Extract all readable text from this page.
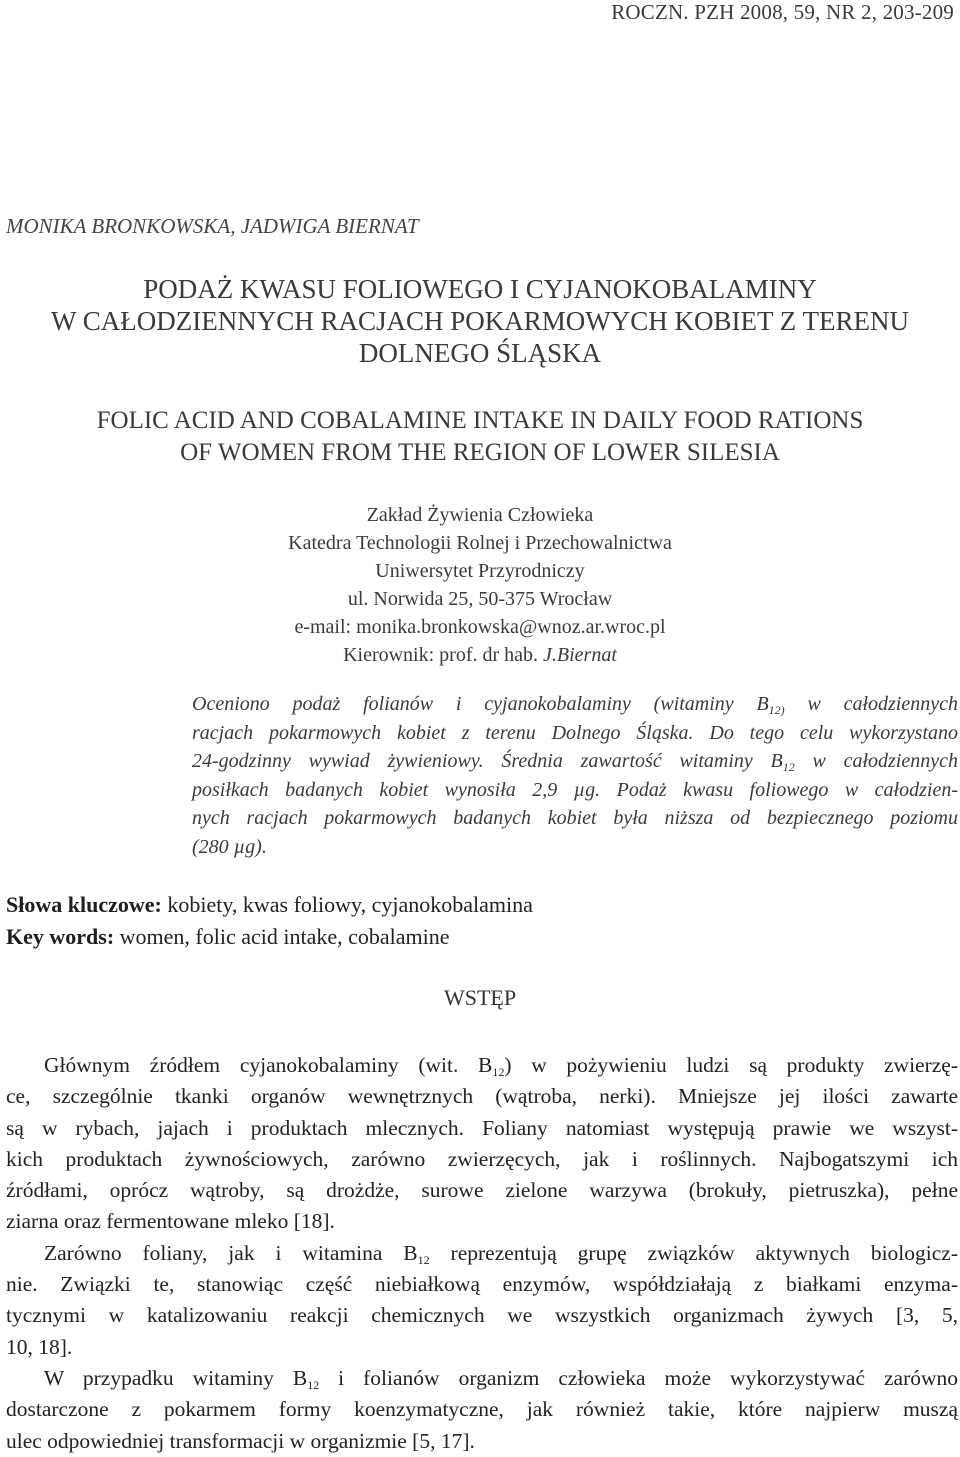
ROCZN. PZH 2008, 59, NR 2, 203-209
MONIKA BRONKOWSKA, JADWIGA BIERNAT
PODAŻ KWASU FOLIOWEGO I CYJANOKOBALAMINY
W CAŁODZIENNYCH RACJACH POKARMOWYCH KOBIET Z TERENU
DOLNEGO ŚLĄSKA
FOLIC ACID AND COBALAMINE INTAKE IN DAILY FOOD RATIONS
OF WOMEN FROM THE REGION OF LOWER SILESIA
Zakład Żywienia Człowieka
Katedra Technologii Rolnej i Przechowalnictwa
Uniwersytet Przyrodniczy
ul. Norwida 25, 50-375 Wrocław
e-mail: monika.bronkowska@wnoz.ar.wroc.pl
Kierownik: prof. dr hab. J.Biernat
Oceniono podaż folianów i cyjanokobalaminy (witaminy $B_{12)}$ w całodziennych
racjach pokarmowych kobiet z terenu Dolnego Śląska. Do tego celu wykorzystano
24-godzinny wywiad żywieniowy. Średnia zawartość witaminy $B_{12}$ w całodziennych
posiłkach badanych kobiet wynosiła 2,9 µg. Podaż kwasu foliowego w całodzien-
nych racjach pokarmowych badanych kobiet była niższa od bezpiecznego poziomu
(280 µg).
Słowa kluczowe: kobiety, kwas foliowy, cyjanokobalamina
Key words: women, folic acid intake, cobalamine
WSTĘP
Głównym źródłem cyjanokobalaminy (wit. $B_{12}$) w pożywieniu ludzi są produkty zwierzę-
ce, szczególnie tkanki organów wewnętrznych (wątroba, nerki). Mniejsze jej ilości zawarte
są w rybach, jajach i produktach mlecznych. Foliany natomiast występują prawie we wszyst-
kich produktach żywnościowych, zarówno zwierzęcych, jak i roślinnych. Najbogatszymi ich
źródłami, oprócz wątroby, są drożdże, surowe zielone warzywa (brokuły, pietruszka), pełne
ziarna oraz fermentowane mleko [18].
Zarówno foliany, jak i witamina $B_{12}$ reprezentują grupę związków aktywnych biologicz-
nie. Związki te, stanowiąc część niebiałkową enzymów, współdziałają z białkami enzyma-
tycznymi w katalizowaniu reakcji chemicznych we wszystkich organizmach żywych [3, 5,
10, 18].
W przypadku witaminy $B_{12}$ i folianów organizm człowieka może wykorzystywać zarówno
dostarczone z pokarmem formy koenzymatyczne, jak również takie, które najpierw muszą
ulec odpowiedniej transformacji w organizmie [5, 17].
